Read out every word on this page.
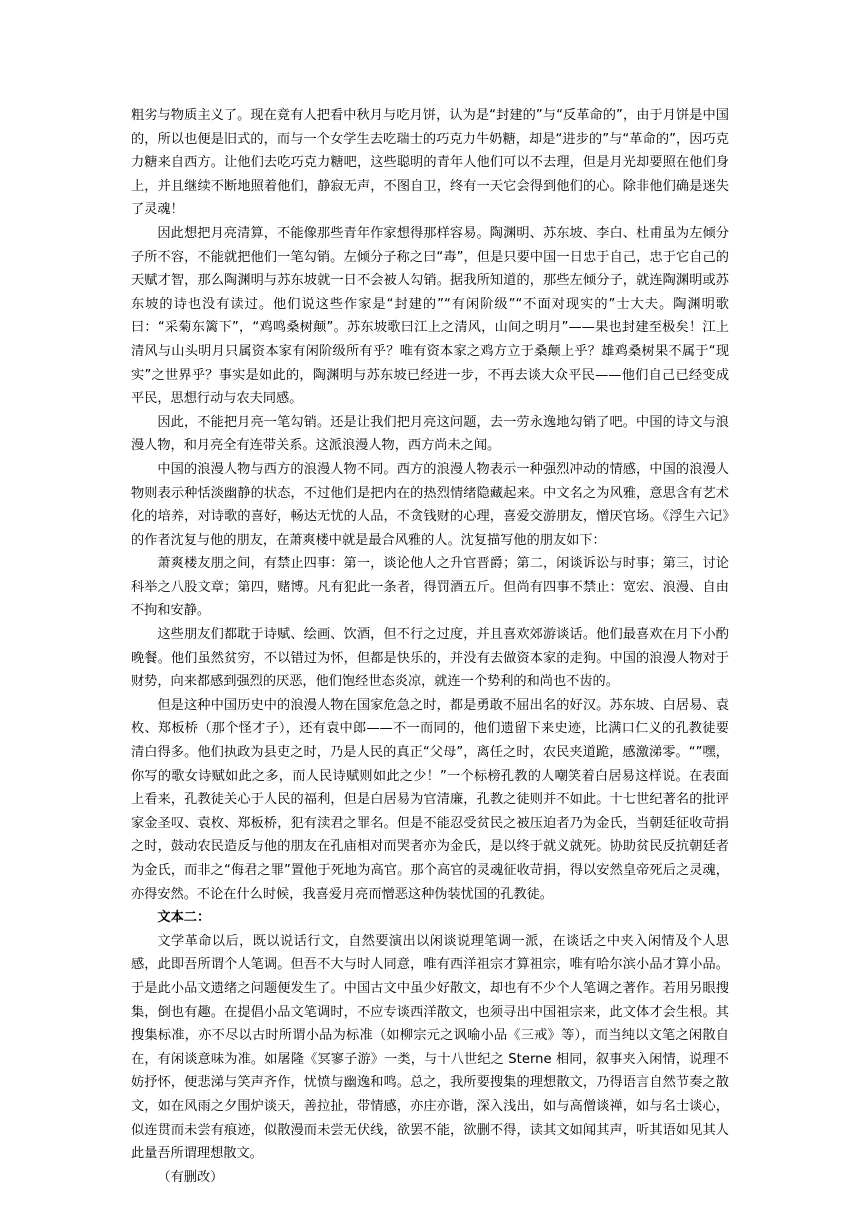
粗劣与物质主义了。现在竟有人把看中秋月与吃月饼，认为是“封建的”与“反革命的”，由于月饼是中国的，所以也便是旧式的，而与一个女学生去吃瑞士的巧克力牛奶糖，却是“进步的”与“革命的”，因巧克力糖来自西方。让他们去吃巧克力糖吧，这些聪明的青年人他们可以不去理，但是月光却要照在他们身上，并且继续不断地照着他们，静寂无声，不图自卫，终有一天它会得到他们的心。除非他们确是迷失了灵魂！

因此想把月亮清算，不能像那些青年作家想得那样容易。陶渊明、苏东坡、李白、杜甫虽为左倾分子所不容，不能就把他们一笔勾销。左倾分子称之曰“毒”，但是只要中国一日忠于自己，忠于它自己的天赋才智，那么陶渊明与苏东坡就一日不会被人勾销。据我所知道的，那些左倾分子，就连陶渊明或苏东坡的诗也没有读过。他们说这些作家是“封建的”“有闲阶级”“不面对现实的”士大夫。陶渊明歌曰：“采菊东篱下”，“鸡鸣桑树颠”。苏东坡歌曰江上之清风，山间之明月”——果也封建至极矣！江上清风与山头明月只属资本家有闲阶级所有乎？唯有资本家之鸡方立于桑颠上乎？雄鸡桑树果不属于“现实”之世界乎？事实是如此的，陶渊明与苏东坡已经进一步，不再去谈大众平民——他们自己已经变成平民，思想行动与农夫同感。

因此，不能把月亮一笔勾销。还是让我们把月亮这问题，去一劳永逸地勾销了吧。中国的诗文与浪漫人物，和月亮全有连带关系。这派浪漫人物，西方尚未之闻。

中国的浪漫人物与西方的浪漫人物不同。西方的浪漫人物表示一种强烈冲动的情感，中国的浪漫人物则表示种恬淡幽静的状态，不过他们是把内在的热烈情绪隐藏起来。中文名之为风雅，意思含有艺术化的培养，对诗歌的喜好，畅达无忧的人品，不贪钱财的心理，喜爱交游朋友，憎厌官场。《浮生六记》的作者沈复与他的朋友，在萧爽楼中就是最合风雅的人。沈复描写他的朋友如下：

萧爽楼友朋之间，有禁止四事：第一，谈论他人之升官晋爵；第二，闲谈诉讼与时事；第三，讨论科举之八股文章；第四，赌博。凡有犯此一条者，得罚酒五斤。但尚有四事不禁止：宽宏、浪漫、自由不拘和安静。

这些朋友们都耽于诗赋、绘画、饮酒，但不行之过度，并且喜欢郊游谈话。他们最喜欢在月下小酌晚餐。他们虽然贫穷，不以错过为怀，但都是快乐的，并没有去做资本家的走狗。中国的浪漫人物对于财势，向来都感到强烈的厌恶，他们饱经世态炎凉，就连一个势利的和尚也不齿的。

但是这种中国历史中的浪漫人物在国家危急之时，都是勇敢不屈出名的好汉。苏东坡、白居易、袁枚、郑板桥（那个怪才子），还有袁中郎——不一而同的，他们遗留下来史迹，比满口仁义的孔教徒要清白得多。他们执政为县吏之时，乃是人民的真正“父母”，离任之时，农民夹道跪，感激涕零。“”嘿，你写的歌女诗赋如此之多，而人民诗赋则如此之少！”一个标榜孔教的人嘲笑着白居易这样说。在表面上看来，孔教徒关心于人民的福利，但是白居易为官清廉，孔教之徒则并不如此。十七世纪著名的批评家金圣叹、袁枚、郑板桥，犯有渎君之罪名。但是不能忍受贫民之被压迫者乃为金氏，当朝廷征收苛捐之时，鼓动农民造反与他的朋友在孔庙相对而哭者亦为金氏，是以终于就义就死。协助贫民反抗朝廷者为金氏，而非之“侮君之罪”置他于死地为高官。那个高官的灵魂征收苛捐，得以安然皇帝死后之灵魂，亦得安然。不论在什么时候，我喜爱月亮而憎恶这种伪装忧国的孔教徒。

文本二：

文学革命以后，既以说话行文，自然要演出以闲谈说理笔调一派，在谈话之中夹入闲情及个人思感，此即吾所谓个人笔调。但吾不大与时人同意，唯有西洋祖宗才算祖宗，唯有哈尔滨小品才算小品。于是此小品文遗绪之问题便发生了。中国古文中虽少好散文，却也有不少个人笔调之著作。若用另眼搜集，倒也有趣。在提倡小品文笔调时，不应专谈西洋散文，也须寻出中国祖宗来，此文体才会生根。其搜集标准，亦不尽以古时所谓小品为标准（如柳宗元之讽喻小品《三戒》等），而当纯以文笔之闲散自在，有闲谈意味为准。如屠隆《冥寥子游》一类，与十八世纪之 Sterne 相同，叙事夹入闲情，说理不妨抒怀，便悲涕与笑声齐作，忧愤与幽逸和鸣。总之，我所要搜集的理想散文，乃得语言自然节奏之散文，如在风雨之夕围炉谈天，善拉扯，带情感，亦庄亦谐，深入浅出，如与高僧谈禅，如与名士谈心，似连贯而未尝有痕迹，似散漫而未尝无伏线，欲罢不能，欲删不得，读其文如闻其声，听其语如见其人此量吾所谓理想散文。

（有删改）
